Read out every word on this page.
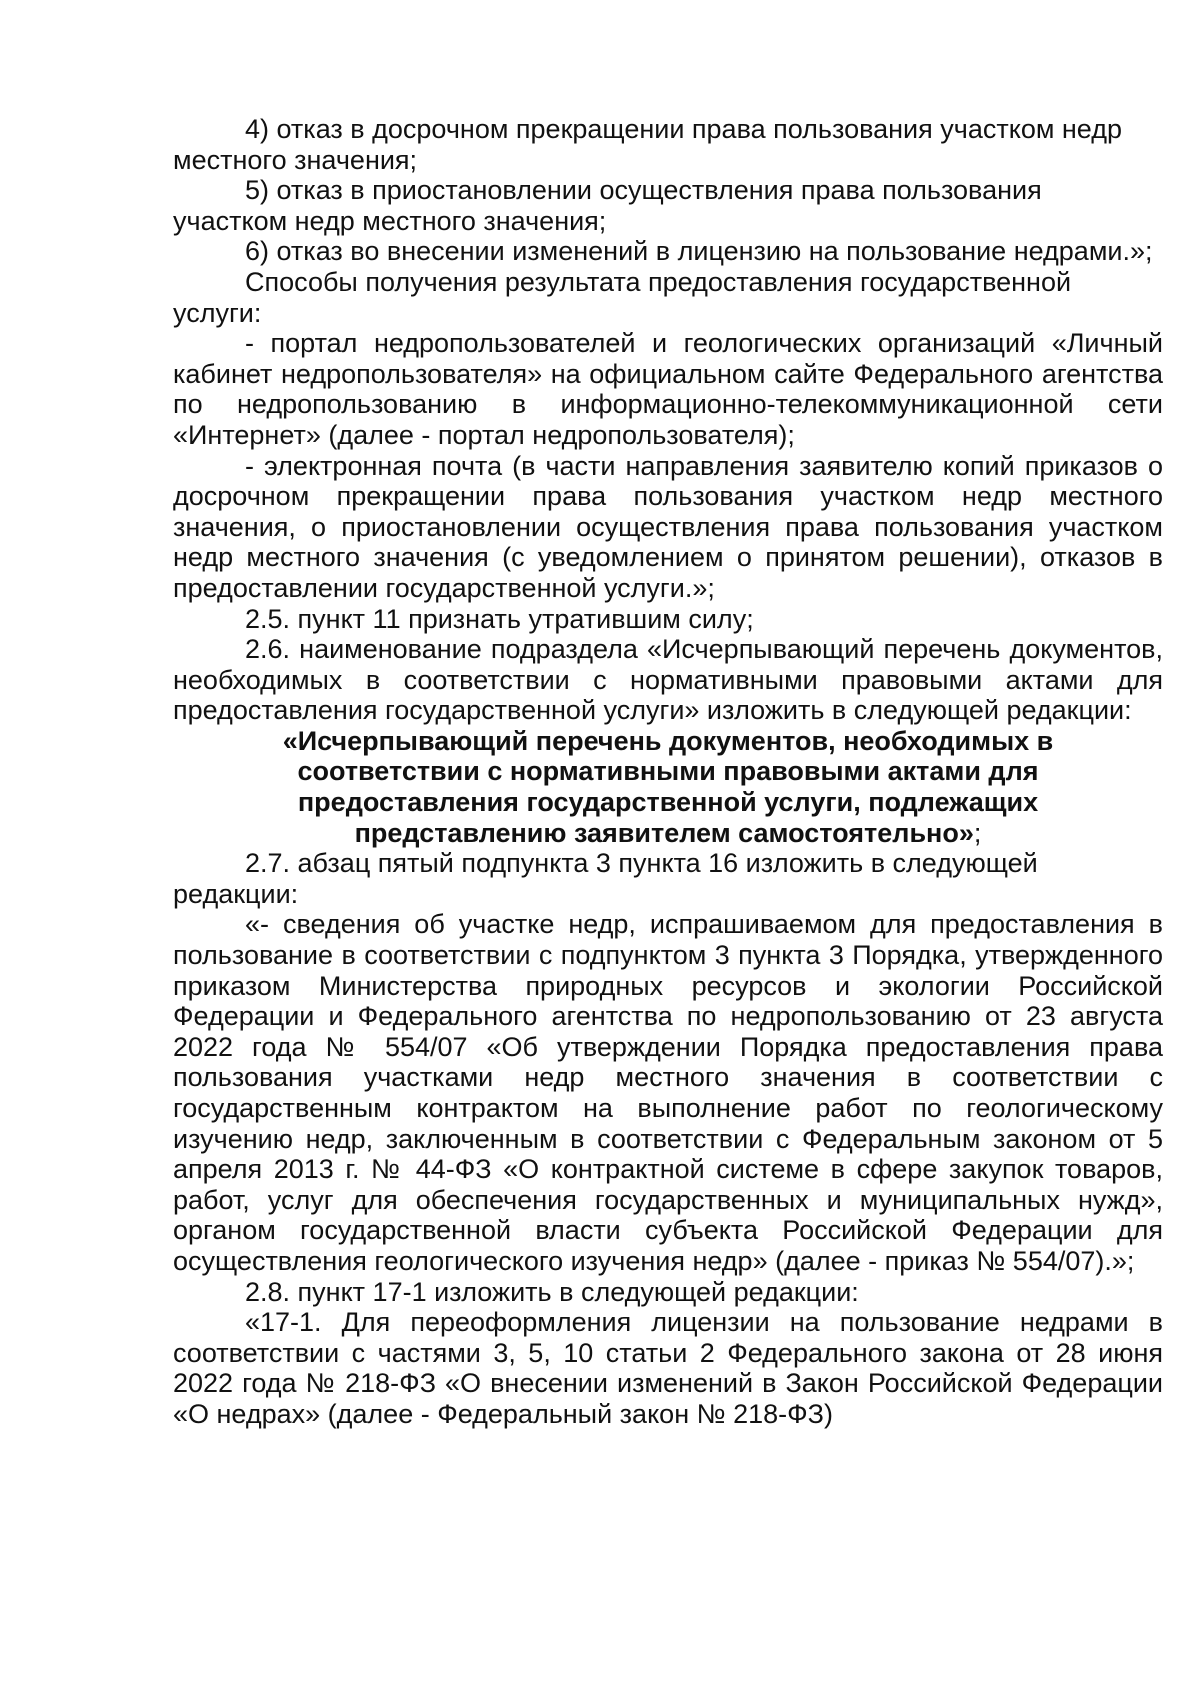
4) отказ в досрочном прекращении права пользования участком недр местного значения;

5) отказ в приостановлении осуществления права пользования участком недр местного значения;

6) отказ во внесении изменений в лицензию на пользование недрами.»;

Способы получения результата предоставления государственной услуги:

- портал недропользователей и геологических организаций «Личный кабинет недропользователя» на официальном сайте Федерального агентства по недропользованию в информационно-телекоммуникационной сети «Интернет» (далее - портал недропользователя);

- электронная почта (в части направления заявителю копий приказов о досрочном прекращении права пользования участком недр местного значения, о приостановлении осуществления права пользования участком недр местного значения (с уведомлением о принятом решении), отказов в предоставлении государственной услуги.»;

2.5. пункт 11 признать утратившим силу;

2.6. наименование подраздела «Исчерпывающий перечень документов, необходимых в соответствии с нормативными правовыми актами для предоставления государственной услуги» изложить в следующей редакции:

«Исчерпывающий перечень документов, необходимых в соответствии с нормативными правовыми актами для предоставления государственной услуги, подлежащих представлению заявителем самостоятельно»;

2.7. абзац пятый подпункта 3 пункта 16 изложить в следующей редакции:

«- сведения об участке недр, испрашиваемом для предоставления в пользование в соответствии с подпунктом 3 пункта 3 Порядка, утвержденного приказом Министерства природных ресурсов и экологии Российской Федерации и Федерального агентства по недропользованию от 23 августа 2022 года № 554/07 «Об утверждении Порядка предоставления права пользования участками недр местного значения в соответствии с государственным контрактом на выполнение работ по геологическому изучению недр, заключенным в соответствии с Федеральным законом от 5 апреля 2013 г. № 44-ФЗ «О контрактной системе в сфере закупок товаров, работ, услуг для обеспечения государственных и муниципальных нужд», органом государственной власти субъекта Российской Федерации для осуществления геологического изучения недр» (далее - приказ № 554/07).»;

2.8. пункт 17-1 изложить в следующей редакции:

«17-1. Для переоформления лицензии на пользование недрами в соответствии с частями 3, 5, 10 статьи 2 Федерального закона от 28 июня 2022 года № 218-ФЗ «О внесении изменений в Закон Российской Федерации «О недрах» (далее - Федеральный закон № 218-ФЗ)
